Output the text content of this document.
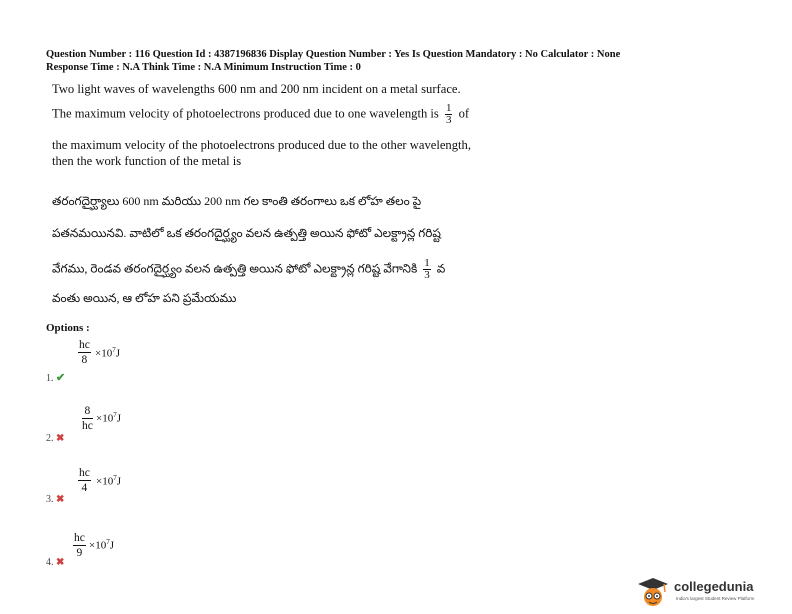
Question Number : 116 Question Id : 4387196836 Display Question Number : Yes Is Question Mandatory : No Calculator : None
Response Time : N.A Think Time : N.A Minimum Instruction Time : 0
Two light waves of wavelengths 600 nm and 200 nm incident on a metal surface.
The maximum velocity of photoelectrons produced due to one wavelength is $\frac{1}{3}$ of
the maximum velocity of the photoelectrons produced due to the other wavelength,
then the work function of the metal is
తరంగదైర్ఘ్యాలు 600 nm మరియు 200 nm గల కాంతి తరంగాలు ఒక లోహ తలం పై
పతనమయినవి. వాటిలో ఒక తరంగదైర్ఘ్యం వలన ఉత్పత్తి అయిన ఫోటో ఎలక్ట్రాన్ల గరిష్ట
వేగము, రెండవ తరంగదైర్ఘ్యం వలన ఉత్పత్తి అయిన ఫోటో ఎలక్ట్రాన్ల గరిష్ట వేగానికి $\frac{1}{3}$ వ
వంతు అయిన, ఆ లోహ పని ప్రమేయము
Options :
$\frac{hc}{8} \times 10^7J$
1. ✔
$\frac{8}{hc} \times 10^7J$
2. ✖
$\frac{hc}{4} \times 10^7J$
3. ✖
$\frac{hc}{9} \times 10^7J$
4. ✖
collegedunia
India's largest Student Review Platform
